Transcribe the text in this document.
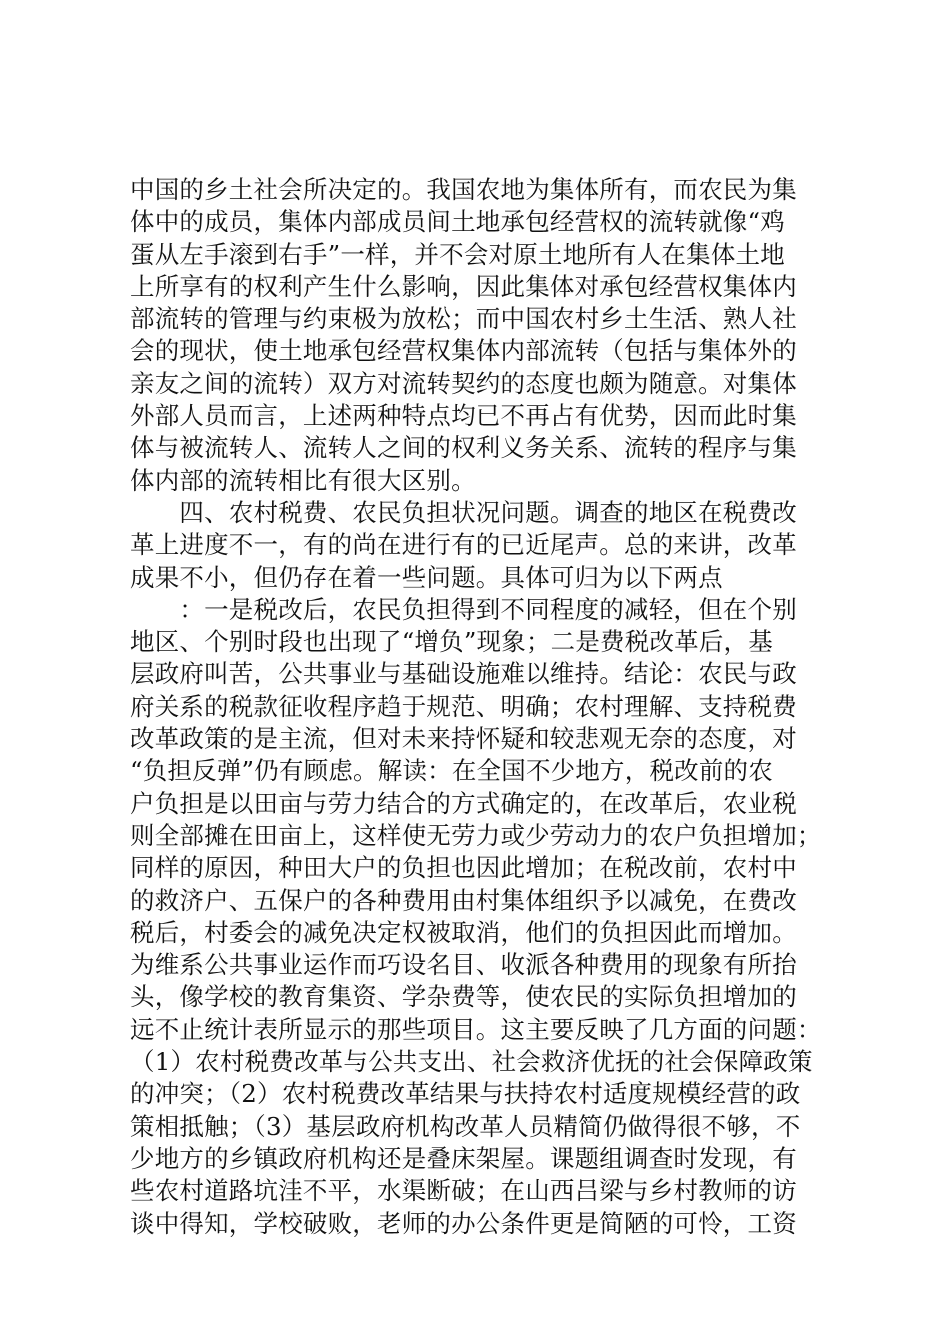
中国的乡土社会所决定的。我国农地为集体所有，而农民为集
体中的成员，集体内部成员间土地承包经营权的流转就像“鸡
蛋从左手滚到右手”一样，并不会对原土地所有人在集体土地
上所享有的权利产生什么影响，因此集体对承包经营权集体内
部流转的管理与约束极为放松；而中国农村乡土生活、熟人社
会的现状，使土地承包经营权集体内部流转（包括与集体外的
亲友之间的流转）双方对流转契约的态度也颇为随意。对集体
外部人员而言，上述两种特点均已不再占有优势，因而此时集
体与被流转人、流转人之间的权利义务关系、流转的程序与集
体内部的流转相比有很大区别。
　　四、农村税费、农民负担状况问题。调查的地区在税费改
革上进度不一，有的尚在进行有的已近尾声。总的来讲，改革
成果不小，但仍存在着一些问题。具体可归为以下两点
　　：一是税改后，农民负担得到不同程度的减轻，但在个别
地区、个别时段也出现了“增负”现象；二是费税改革后，基
层政府叫苦，公共事业与基础设施难以维持。结论：农民与政
府关系的税款征收程序趋于规范、明确；农村理解、支持税费
改革政策的是主流，但对未来持怀疑和较悲观无奈的态度，对
“负担反弹”仍有顾虑。解读：在全国不少地方，税改前的农
户负担是以田亩与劳力结合的方式确定的，在改革后，农业税
则全部摊在田亩上，这样使无劳力或少劳动力的农户负担增加；
同样的原因，种田大户的负担也因此增加；在税改前，农村中
的救济户、五保户的各种费用由村集体组织予以减免，在费改
税后，村委会的减免决定权被取消，他们的负担因此而增加。
为维系公共事业运作而巧设名目、收派各种费用的现象有所抬
头，像学校的教育集资、学杂费等，使农民的实际负担增加的
远不止统计表所显示的那些项目。这主要反映了几方面的问题：
（1）农村税费改革与公共支出、社会救济优抚的社会保障政策
的冲突；（2）农村税费改革结果与扶持农村适度规模经营的政
策相抵触；（3）基层政府机构改革人员精简仍做得很不够，不
少地方的乡镇政府机构还是叠床架屋。课题组调查时发现，有
些农村道路坑洼不平，水渠断破；在山西吕梁与乡村教师的访
谈中得知，学校破败，老师的办公条件更是简陋的可怜，工资
